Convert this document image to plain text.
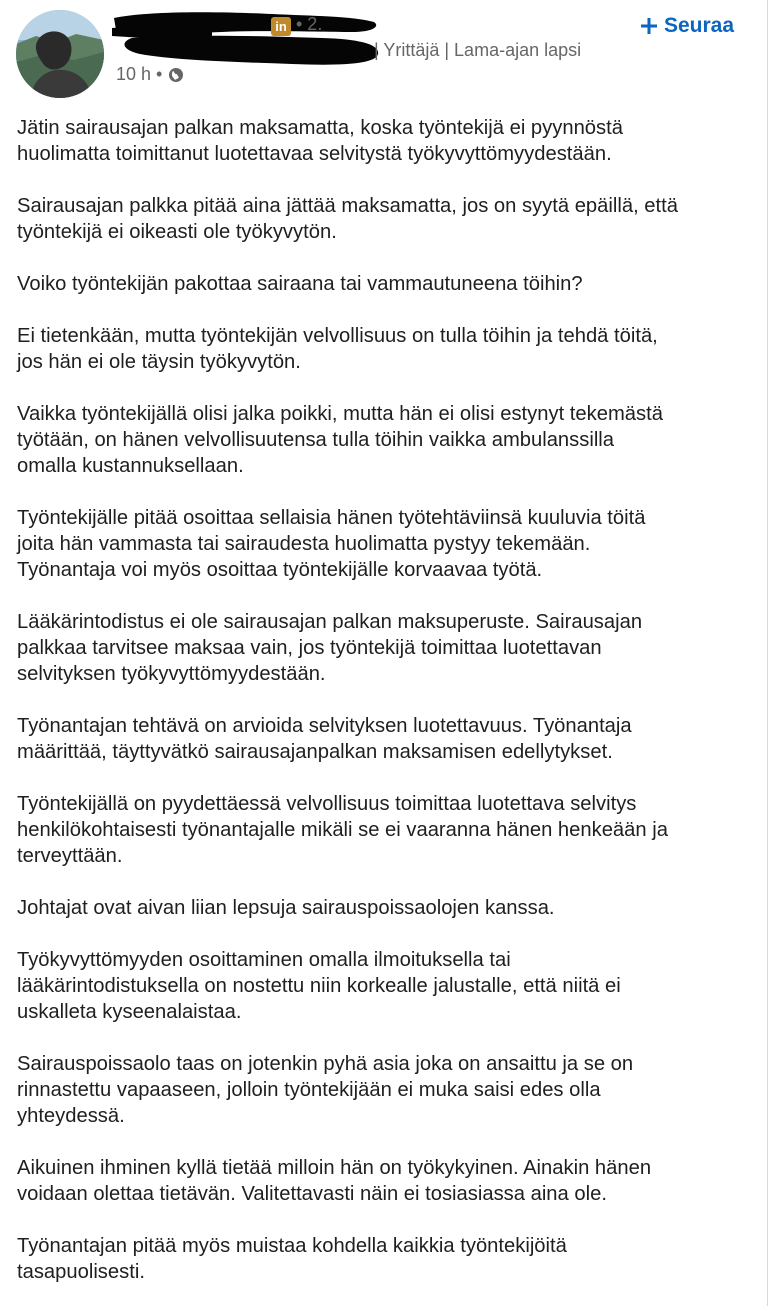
in • 2.
| Yrittäjä | Lama-ajan lapsi
10 h •
Seuraa

Jätin sairausajan palkan maksamatta, koska työntekijä ei pyynnöstä
huolimatta toimittanut luotettavaa selvitystä työkyvyttömyydestään.

Sairausajan palkka pitää aina jättää maksamatta, jos on syytä epäillä, että
työntekijä ei oikeasti ole työkyvytön.

Voiko työntekijän pakottaa sairaana tai vammautuneena töihin?

Ei tietenkään, mutta työntekijän velvollisuus on tulla töihin ja tehdä töitä,
jos hän ei ole täysin työkyvytön.

Vaikka työntekijällä olisi jalka poikki, mutta hän ei olisi estynyt tekemästä
työtään, on hänen velvollisuutensa tulla töihin vaikka ambulanssilla
omalla kustannuksellaan.

Työntekijälle pitää osoittaa sellaisia hänen työtehtäviinsä kuuluvia töitä
joita hän vammasta tai sairaudesta huolimatta pystyy tekemään.
Työnantaja voi myös osoittaa työntekijälle korvaavaa työtä.

Lääkärintodistus ei ole sairausajan palkan maksuperuste. Sairausajan
palkkaa tarvitsee maksaa vain, jos työntekijä toimittaa luotettavan
selvityksen työkyvyttömyydestään.

Työnantajan tehtävä on arvioida selvityksen luotettavuus. Työnantaja
määrittää, täyttyvätkö sairausajanpalkan maksamisen edellytykset.

Työntekijällä on pyydettäessä velvollisuus toimittaa luotettava selvitys
henkilökohtaisesti työnantajalle mikäli se ei vaaranna hänen henkeään ja
terveyttään.

Johtajat ovat aivan liian lepsuja sairauspoissaolojen kanssa.

Työkyvyttömyyden osoittaminen omalla ilmoituksella tai
lääkärintodistuksella on nostettu niin korkealle jalustalle, että niitä ei
uskalleta kyseenalaistaa.

Sairauspoissaolo taas on jotenkin pyhä asia joka on ansaittu ja se on
rinnastettu vapaaseen, jolloin työntekijään ei muka saisi edes olla
yhteydessä.

Aikuinen ihminen kyllä tietää milloin hän on työkykyinen. Ainakin hänen
voidaan olettaa tietävän. Valitettavasti näin ei tosiasiassa aina ole.

Työnantajan pitää myös muistaa kohdella kaikkia työntekijöitä
tasapuolisesti.
